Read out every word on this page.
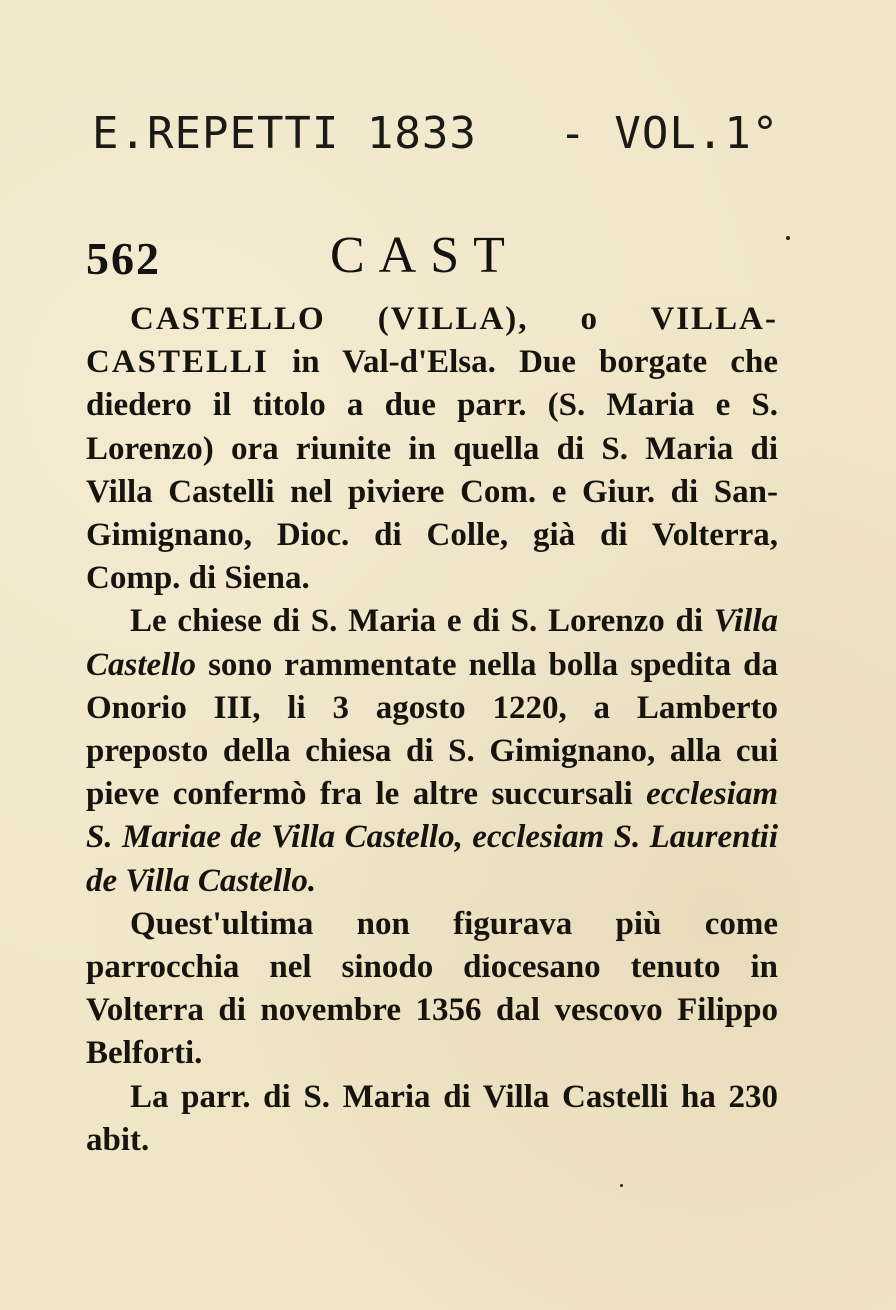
E.REPETTI 1833 - VOL.1°
562	CAST

CASTELLO (VILLA), o VILLA-CASTELLI in Val-d'Elsa. Due borgate che diedero il titolo a due parr. (S. Maria e S. Lorenzo) ora riunite in quella di S. Maria di Villa Castelli nel piviere Com. e Giur. di San-Gimignano, Dioc. di Colle, già di Volterra, Comp. di Siena.

Le chiese di S. Maria e di S. Lorenzo di Villa Castello sono rammentate nella bolla spedita da Onorio III, li 3 agosto 1220, a Lamberto preposto della chiesa di S. Gimignano, alla cui pieve confermò fra le altre succursali ecclesiam S. Mariae de Villa Castello, ecclesiam S. Laurentii de Villa Castello.

Quest'ultima non figurava più come parrocchia nel sinodo diocesano tenuto in Volterra di novembre 1356 dal vescovo Filippo Belforti.

La parr. di S. Maria di Villa Castelli ha 230 abit.
